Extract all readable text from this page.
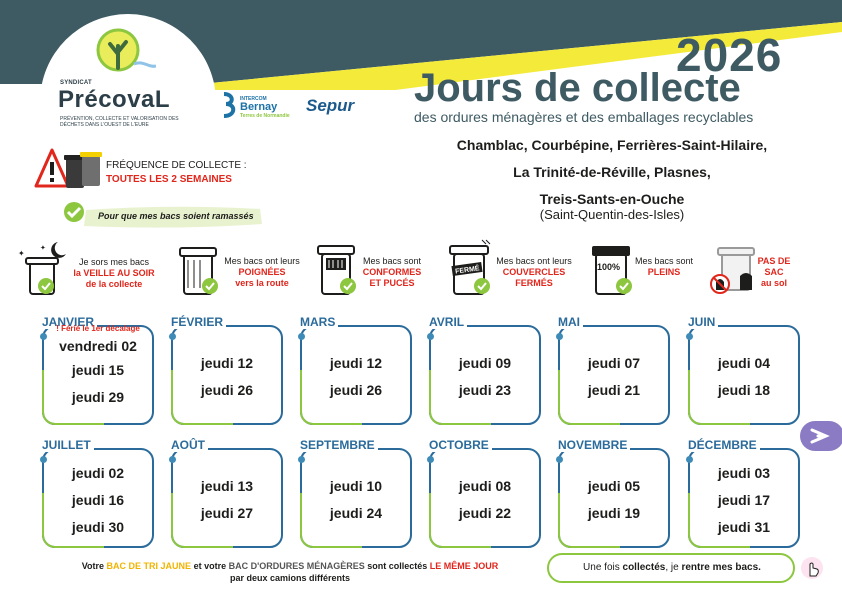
SYNDICAT
PrécovaL
PRÉVENTION, COLLECTE ET VALORISATION DES DÉCHETS DANS L'OUEST DE L'EURE
INTERCOM
Bernay
Terres de Normandie
Sepur
2026
Jours de collecte
des ordures ménagères et des emballages recyclables
Chamblac, Courbépine, Ferrières-Saint-Hilaire,
La Trinité-de-Réville, Plasnes,
Treis-Sants-en-Ouche
(Saint-Quentin-des-Isles)
FRÉQUENCE DE COLLECTE :
TOUTES LES 2 SEMAINES
Pour que mes bacs soient ramassés
✦
✦
Je sors mes bacs
la VEILLE AU SOIR
de la collecte
Mes bacs ont leurs
POIGNÉES
vers la route
Mes bacs sont
CONFORMES
ET PUCÉS
FERMÉ
Mes bacs ont leurs
COUVERCLES
FERMÉS
100%
Mes bacs sont
PLEINS
PAS DE SAC
au sol
JANVIER
! Férié le 1er décalage
vendredi 02
jeudi 15
jeudi 29
FÉVRIER
jeudi 12
jeudi 26
MARS
jeudi 12
jeudi 26
AVRIL
jeudi 09
jeudi 23
MAI
jeudi 07
jeudi 21
JUIN
jeudi 04
jeudi 18
JUILLET
jeudi 02
jeudi 16
jeudi 30
AOÛT
jeudi 13
jeudi 27
SEPTEMBRE
jeudi 10
jeudi 24
OCTOBRE
jeudi 08
jeudi 22
NOVEMBRE
jeudi 05
jeudi 19
DÉCEMBRE
jeudi 03
jeudi 17
jeudi 31
Votre BAC DE TRI JAUNE et votre BAC D'ORDURES MÉNAGÈRES sont collectés LE MÊME JOUR
par deux camions différents
Une fois collectés, je rentre mes bacs.
